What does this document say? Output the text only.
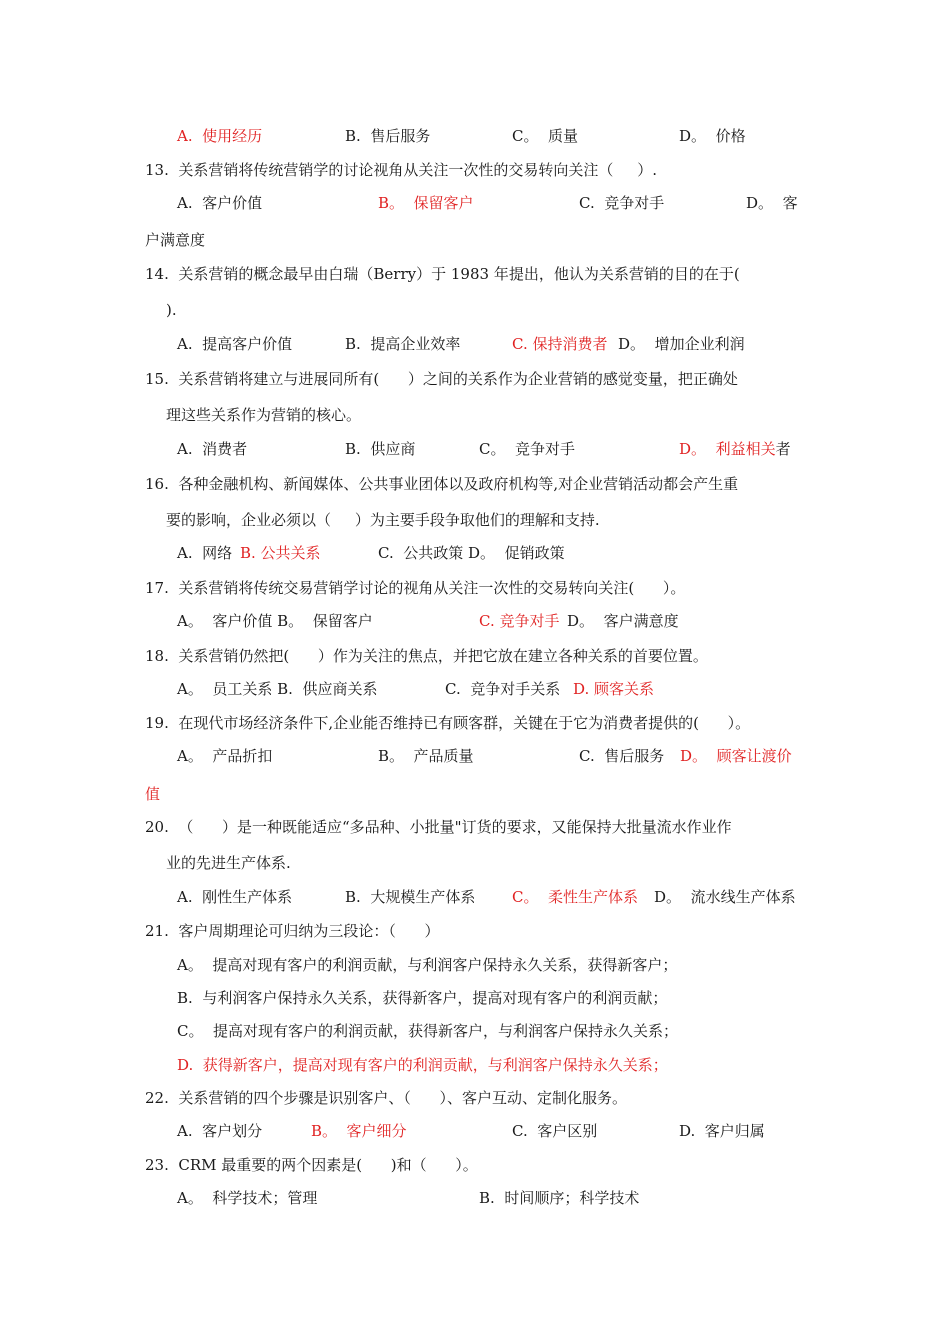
A.  使用经历	B.  售后服务	C。  质量	D。  价格
13.  关系营销将传统营销学的讨论视角从关注一次性的交易转向关注（     ）.
A.  客户价值	B。  保留客户	C.  竞争对手	D。  客
户满意度
14.  关系营销的概念最早由白瑞（Berry）于 1983 年提出，他认为关系营销的目的在于(
).
A.  提高客户价值	B.  提高企业效率	C. 保持消费者 D。  增加企业利润
15.  关系营销将建立与进展同所有(      ）之间的关系作为企业营销的感觉变量，把正确处
理这些关系作为营销的核心。
A.  消费者	B.  供应商	C。  竞争对手	D。  利益相关者
16.  各种金融机构、新闻媒体、公共事业团体以及政府机构等,对企业营销活动都会产生重
要的影响，企业必须以（     ）为主要手段争取他们的理解和支持.
A.  网络 B. 公共关系	C.  公共政策 D。  促销政策
17.  关系营销将传统交易营销学讨论的视角从关注一次性的交易转向关注(      ）。
A。  客户价值 B。  保留客户	C. 竞争对手 D。  客户满意度
18.  关系营销仍然把(      ）作为关注的焦点，并把它放在建立各种关系的首要位置。
A。  员工关系 B.  供应商关系	C.  竞争对手关系 D. 顾客关系
19.  在现代市场经济条件下,企业能否维持已有顾客群，关键在于它为消费者提供的(      ）。
A。  产品折扣	B。  产品质量	C.  售后服务 D。  顾客让渡价
值
20.  （      ）是一种既能适应“多品种、小批量"订货的要求，又能保持大批量流水作业作
业的先进生产体系.
A.  刚性生产体系	B.  大规模生产体系 C。  柔性生产体系 D。  流水线生产体系
21.  客户周期理论可归纳为三段论：（      ）
A。  提高对现有客户的利润贡献，与利润客户保持永久关系，获得新客户；
B.  与利润客户保持永久关系，获得新客户，提高对现有客户的利润贡献；
C。  提高对现有客户的利润贡献，获得新客户，与利润客户保持永久关系；
D.  获得新客户，提高对现有客户的利润贡献，与利润客户保持永久关系；
22.  关系营销的四个步骤是识别客户、（      ）、客户互动、定制化服务。
A.  客户划分	B。  客户细分	C.  客户区别	D.  客户归属
23.  CRM 最重要的两个因素是(      )和（      ）。
A。  科学技术；管理	B.  时间顺序；科学技术
